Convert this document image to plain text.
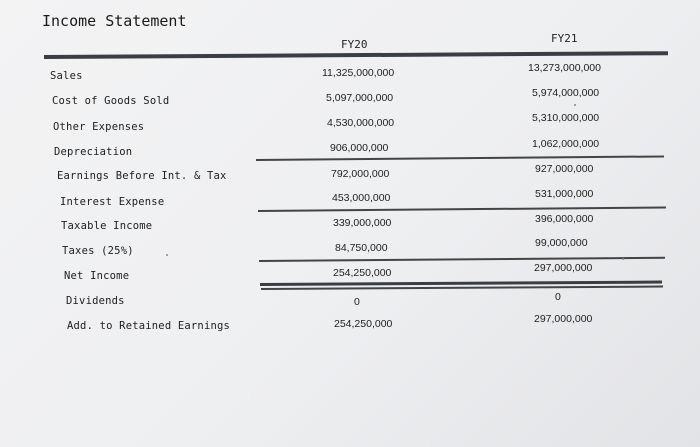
Income Statement
FY20	FY21
Sales
Cost of Goods Sold
Other Expenses
Depreciation
Earnings Before Int. & Tax
Interest Expense
Taxable Income
Taxes (25%)
Net Income
Dividends
Add. to Retained Earnings
11,325,000,000
5,097,000,000
4,530,000,000
906,000,000
792,000,000
453,000,000
339,000,000
84,750,000
254,250,000
0
254,250,000
13,273,000,000
5,974,000,000
5,310,000,000
1,062,000,000
927,000,000
531,000,000
396,000,000
99,000,000
297,000,000
0
297,000,000
